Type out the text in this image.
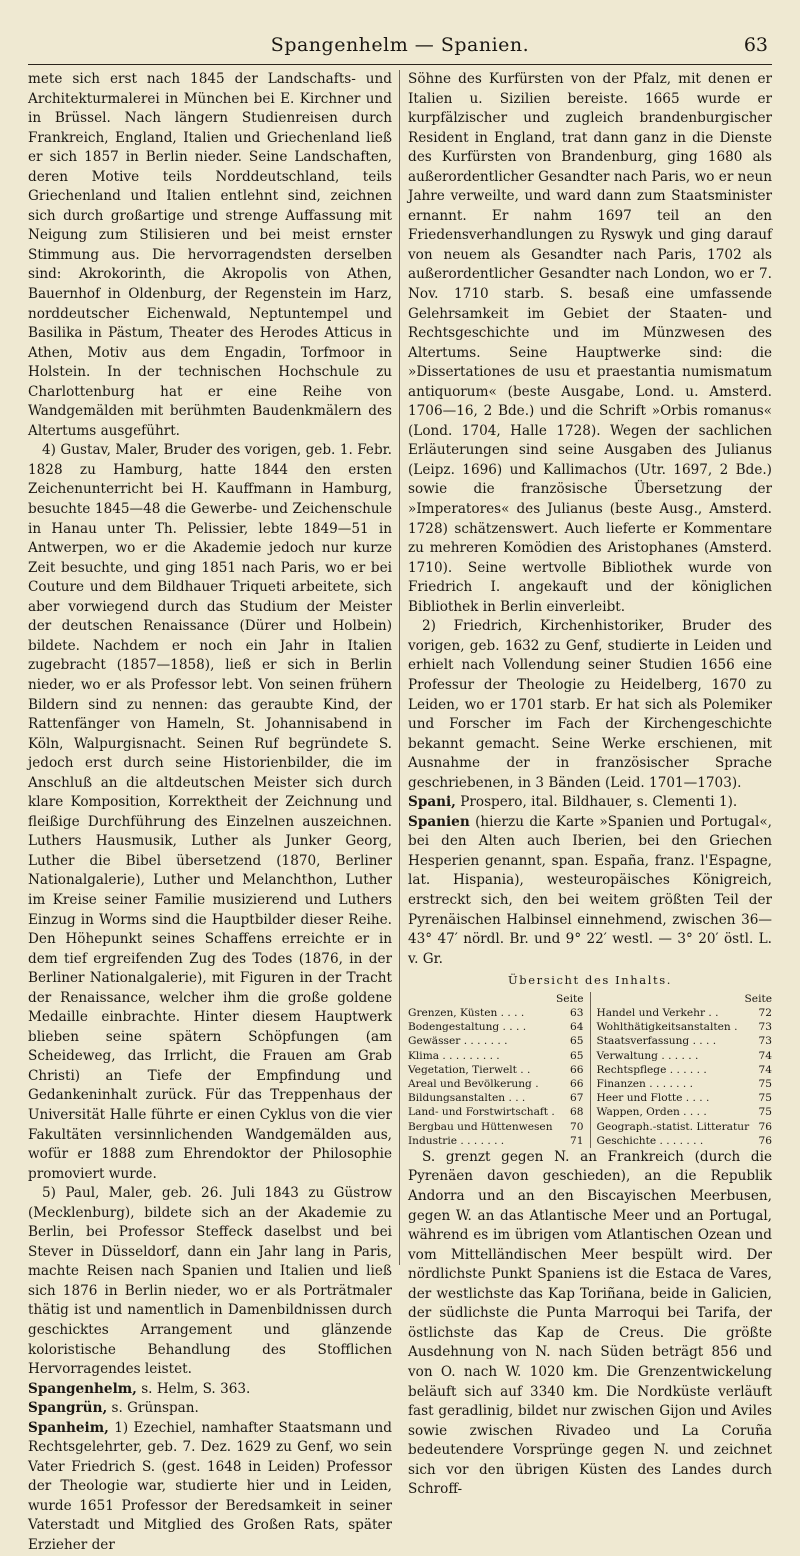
Spangenhelm — Spanien.	63

mete sich erst nach 1845 der Landschafts- und Architekturmalerei in München bei E. Kirchner und in Brüssel. Nach längern Studienreisen durch Frankreich, England, Italien und Griechenland ließ er sich 1857 in Berlin nieder. Seine Landschaften, deren Motive teils Norddeutschland, teils Griechenland und Italien entlehnt sind, zeichnen sich durch großartige und strenge Auffassung mit Neigung zum Stilisieren und bei meist ernster Stimmung aus. Die hervorragendsten derselben sind: Akrokorinth, die Akropolis von Athen, Bauernhof in Oldenburg, der Regenstein im Harz, norddeutscher Eichenwald, Neptuntempel und Basilika in Pästum, Theater des Herodes Atticus in Athen, Motiv aus dem Engadin, Torfmoor in Holstein. In der technischen Hochschule zu Charlottenburg hat er eine Reihe von Wandgemälden mit berühmten Baudenkmälern des Altertums ausgeführt.

4) Gustav, Maler, Bruder des vorigen, geb. 1. Febr. 1828 zu Hamburg, hatte 1844 den ersten Zeichenunterricht bei H. Kauffmann in Hamburg, besuchte 1845—48 die Gewerbe- und Zeichenschule in Hanau unter Th. Pelissier, lebte 1849—51 in Antwerpen, wo er die Akademie jedoch nur kurze Zeit besuchte, und ging 1851 nach Paris, wo er bei Couture und dem Bildhauer Triqueti arbeitete, sich aber vorwiegend durch das Studium der Meister der deutschen Renaissance (Dürer und Holbein) bildete. Nachdem er noch ein Jahr in Italien zugebracht (1857—1858), ließ er sich in Berlin nieder, wo er als Professor lebt. Von seinen frühern Bildern sind zu nennen: das geraubte Kind, der Rattenfänger von Hameln, St. Johannisabend in Köln, Walpurgisnacht. Seinen Ruf begründete S. jedoch erst durch seine Historienbilder, die im Anschluß an die altdeutschen Meister sich durch klare Komposition, Korrektheit der Zeichnung und fleißige Durchführung des Einzelnen auszeichnen. Luthers Hausmusik, Luther als Junker Georg, Luther die Bibel übersetzend (1870, Berliner Nationalgalerie), Luther und Melanchthon, Luther im Kreise seiner Familie musizierend und Luthers Einzug in Worms sind die Hauptbilder dieser Reihe. Den Höhepunkt seines Schaffens erreichte er in dem tief ergreifenden Zug des Todes (1876, in der Berliner Nationalgalerie), mit Figuren in der Tracht der Renaissance, welcher ihm die große goldene Medaille einbrachte. Hinter diesem Hauptwerk blieben seine spätern Schöpfungen (am Scheideweg, das Irrlicht, die Frauen am Grab Christi) an Tiefe der Empfindung und Gedankeninhalt zurück. Für das Treppenhaus der Universität Halle führte er einen Cyklus von die vier Fakultäten versinnlichenden Wandgemälden aus, wofür er 1888 zum Ehrendoktor der Philosophie promoviert wurde.

5) Paul, Maler, geb. 26. Juli 1843 zu Güstrow (Mecklenburg), bildete sich an der Akademie zu Berlin, bei Professor Steffeck daselbst und bei Stever in Düsseldorf, dann ein Jahr lang in Paris, machte Reisen nach Spanien und Italien und ließ sich 1876 in Berlin nieder, wo er als Porträtmaler thätig ist und namentlich in Damenbildnissen durch geschicktes Arrangement und glänzende koloristische Behandlung des Stofflichen Hervorragendes leistet.

Spangenhelm, s. Helm, S. 363.

Spangrün, s. Grünspan.

Spanheim, 1) Ezechiel, namhafter Staatsmann und Rechtsgelehrter, geb. 7. Dez. 1629 zu Genf, wo sein Vater Friedrich S. (gest. 1648 in Leiden) Professor der Theologie war, studierte hier und in Leiden, wurde 1651 Professor der Beredsamkeit in seiner Vaterstadt und Mitglied des Großen Rats, später Erzieher der

Söhne des Kurfürsten von der Pfalz, mit denen er Italien u. Sizilien bereiste. 1665 wurde er kurpfälzischer und zugleich brandenburgischer Resident in England, trat dann ganz in die Dienste des Kurfürsten von Brandenburg, ging 1680 als außerordentlicher Gesandter nach Paris, wo er neun Jahre verweilte, und ward dann zum Staatsminister ernannt. Er nahm 1697 teil an den Friedensverhandlungen zu Ryswyk und ging darauf von neuem als Gesandter nach Paris, 1702 als außerordentlicher Gesandter nach London, wo er 7. Nov. 1710 starb. S. besaß eine umfassende Gelehrsamkeit im Gebiet der Staaten- und Rechtsgeschichte und im Münzwesen des Altertums. Seine Hauptwerke sind: die »Dissertationes de usu et praestantia numismatum antiquorum« (beste Ausgabe, Lond. u. Amsterd. 1706—16, 2 Bde.) und die Schrift »Orbis romanus« (Lond. 1704, Halle 1728). Wegen der sachlichen Erläuterungen sind seine Ausgaben des Julianus (Leipz. 1696) und Kallimachos (Utr. 1697, 2 Bde.) sowie die französische Übersetzung der »Imperatores« des Julianus (beste Ausg., Amsterd. 1728) schätzenswert. Auch lieferte er Kommentare zu mehreren Komödien des Aristophanes (Amsterd. 1710). Seine wertvolle Bibliothek wurde von Friedrich I. angekauft und der königlichen Bibliothek in Berlin einverleibt.

2) Friedrich, Kirchenhistoriker, Bruder des vorigen, geb. 1632 zu Genf, studierte in Leiden und erhielt nach Vollendung seiner Studien 1656 eine Professur der Theologie zu Heidelberg, 1670 zu Leiden, wo er 1701 starb. Er hat sich als Polemiker und Forscher im Fach der Kirchengeschichte bekannt gemacht. Seine Werke erschienen, mit Ausnahme der in französischer Sprache geschriebenen, in 3 Bänden (Leid. 1701—1703).

Spani, Prospero, ital. Bildhauer, s. Clementi 1).

Spanien (hierzu die Karte »Spanien und Portugal«, bei den Alten auch Iberien, bei den Griechen Hesperien genannt, span. España, franz. l'Espagne, lat. Hispania), westeuropäisches Königreich, erstreckt sich, den bei weitem größten Teil der Pyrenäischen Halbinsel einnehmend, zwischen 36—43° 47′ nördl. Br. und 9° 22′ westl. — 3° 20′ östl. L. v. Gr.

Übersicht des Inhalts.
Seite
Grenzen, Küsten . . . .	63
Bodengestaltung . . . .	64
Gewässer . . . . . . .	65
Klima . . . . . . . . .	65
Vegetation, Tierwelt . .	66
Areal und Bevölkerung .	66
Bildungsanstalten . . .	67
Land- und Forstwirtschaft . 68
Bergbau und Hüttenwesen 70
Industrie . . . . . . .	71
Seite
Handel und Verkehr . .	72
Wohlthätigkeitsanstalten . 73
Staatsverfassung . . . .	73
Verwaltung . . . . . .	74
Rechtspflege . . . . . .	74
Finanzen . . . . . . .	75
Heer und Flotte . . . .	75
Wappen, Orden . . . .	75
Geograph.-statist. Litteratur 76
Geschichte . . . . . . .	76

S. grenzt gegen N. an Frankreich (durch die Pyrenäen davon geschieden), an die Republik Andorra und an den Biscayischen Meerbusen, gegen W. an das Atlantische Meer und an Portugal, während es im übrigen vom Atlantischen Ozean und vom Mittelländischen Meer bespült wird. Der nördlichste Punkt Spaniens ist die Estaca de Vares, der westlichste das Kap Toriñana, beide in Galicien, der südlichste die Punta Marroqui bei Tarifa, der östlichste das Kap de Creus. Die größte Ausdehnung von N. nach Süden beträgt 856 und von O. nach W. 1020 km. Die Grenzentwickelung beläuft sich auf 3340 km. Die Nordküste verläuft fast geradlinig, bildet nur zwischen Gijon und Aviles sowie zwischen Rivadeo und La Coruña bedeutendere Vorsprünge gegen N. und zeichnet sich vor den übrigen Küsten des Landes durch Schroff-
